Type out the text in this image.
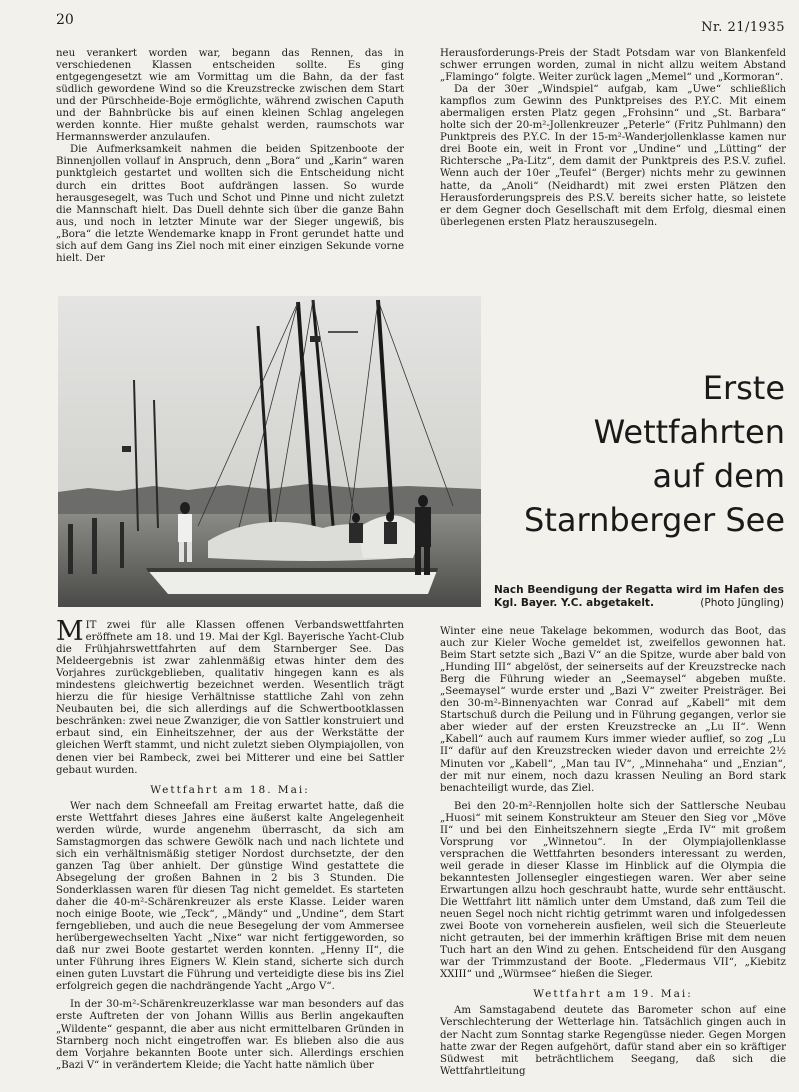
20	Nr. 21/1935

neu verankert worden war, begann das Rennen, das in verschiedenen Klassen entscheiden sollte. Es ging entgegengesetzt wie am Vormittag um die Bahn, da der fast südlich gewordene Wind so die Kreuzstrecke zwischen dem Start und der Pürschheide-Boje ermöglichte, während zwischen Caputh und der Bahnbrücke bis auf einen kleinen Schlag angelegen werden konnte. Hier mußte gehalst werden, raumschots war Hermannswerder anzulaufen.

Die Aufmerksamkeit nahmen die beiden Spitzenboote der Binnenjollen vollauf in Anspruch, denn „Bora“ und „Karin“ waren punktgleich gestartet und wollten sich die Entscheidung nicht durch ein drittes Boot aufdrängen lassen. So wurde herausgesegelt, was Tuch und Schot und Pinne und nicht zuletzt die Mannschaft hielt. Das Duell dehnte sich über die ganze Bahn aus, und noch in letzter Minute war der Sieger ungewiß, bis „Bora“ die letzte Wendemarke knapp in Front gerundet hatte und sich auf dem Gang ins Ziel noch mit einer einzigen Sekunde vorne hielt. Der

Herausforderungs-Preis der Stadt Potsdam war von Blankenfeld schwer errungen worden, zumal in nicht allzu weitem Abstand „Flamingo“ folgte. Weiter zurück lagen „Memel“ und „Kormoran“.

Da der 30er „Windspiel“ aufgab, kam „Uwe“ schließlich kampflos zum Gewinn des Punktpreises des P.Y.C. Mit einem abermaligen ersten Platz gegen „Frohsinn“ und „St. Barbara“ holte sich der 20-m²-Jollenkreuzer „Peterle“ (Fritz Puhlmann) den Punktpreis des P.Y.C. In der 15-m²-Wanderjollenklasse kamen nur drei Boote ein, weit in Front vor „Undine“ und „Lütting“ der Richtersche „Pa-Litz“, dem damit der Punktpreis des P.S.V. zufiel. Wenn auch der 10er „Teufel“ (Berger) nichts mehr zu gewinnen hatte, da „Anoli“ (Neidhardt) mit zwei ersten Plätzen den Herausforderungspreis des P.S.V. bereits sicher hatte, so leistete er dem Gegner doch Gesellschaft mit dem Erfolg, diesmal einen überlegenen ersten Platz herauszusegeln.

Erste Wettfahrten
auf dem
Starnberger See
Nach Beendigung der Regatta wird im Hafen des Kgl. Bayer. Y.C. abgetakelt.	(Photo Jüngling)

MIT zwei für alle Klassen offenen Verbandswettfahrten eröffnete am 18. und 19. Mai der Kgl. Bayerische Yacht-Club die Frühjahrswettfahrten auf dem Starnberger See. Das Meldeergebnis ist zwar zahlenmäßig etwas hinter dem des Vorjahres zurückgeblieben, qualitativ hingegen kann es als mindestens gleichwertig bezeichnet werden. Wesentlich trägt hierzu die für hiesige Verhältnisse stattliche Zahl von zehn Neubauten bei, die sich allerdings auf die Schwertbootklassen beschränken: zwei neue Zwanziger, die von Sattler konstruiert und erbaut sind, ein Einheitszehner, der aus der Werkstätte der gleichen Werft stammt, und nicht zuletzt sieben Olympiajollen, von denen vier bei Rambeck, zwei bei Mitterer und eine bei Sattler gebaut wurden.

Wettfahrt am 18. Mai:

Wer nach dem Schneefall am Freitag erwartet hatte, daß die erste Wettfahrt dieses Jahres eine äußerst kalte Angelegenheit werden würde, wurde angenehm überrascht, da sich am Samstagmorgen das schwere Gewölk nach und nach lichtete und sich ein verhältnismäßig stetiger Nordost durchsetzte, der den ganzen Tag über anhielt. Der günstige Wind gestattete die Absegelung der großen Bahnen in 2 bis 3 Stunden. Die Sonderklassen waren für diesen Tag nicht gemeldet. Es starteten daher die 40-m²-Schärenkreuzer als erste Klasse. Leider waren noch einige Boote, wie „Teck“, „Mändy“ und „Undine“, dem Start ferngeblieben, und auch die neue Besegelung der vom Ammersee herübergewechselten Yacht „Nixe“ war nicht fertiggeworden, so daß nur zwei Boote gestartet werden konnten. „Henny II“, die unter Führung ihres Eigners W. Klein stand, sicherte sich durch einen guten Luvstart die Führung und verteidigte diese bis ins Ziel erfolgreich gegen die nachdrängende Yacht „Argo V“.

In der 30-m²-Schärenkreuzerklasse war man besonders auf das erste Auftreten der von Johann Willis aus Berlin angekauften „Wildente“ gespannt, die aber aus nicht ermittelbaren Gründen in Starnberg noch nicht eingetroffen war. Es blieben also die aus dem Vorjahre bekannten Boote unter sich. Allerdings erschien „Bazi V“ in verändertem Kleide; die Yacht hatte nämlich über

Winter eine neue Takelage bekommen, wodurch das Boot, das auch zur Kieler Woche gemeldet ist, zweifellos gewonnen hat. Beim Start setzte sich „Bazi V“ an die Spitze, wurde aber bald von „Hunding III“ abgelöst, der seinerseits auf der Kreuzstrecke nach Berg die Führung wieder an „Seemaysel“ abgeben mußte. „Seemaysel“ wurde erster und „Bazi V“ zweiter Preisträger. Bei den 30-m²-Binnenyachten war Conrad auf „Kabell“ mit dem Startschuß durch die Peilung und in Führung gegangen, verlor sie aber wieder auf der ersten Kreuzstrecke an „Lu II“. Wenn „Kabell“ auch auf raumem Kurs immer wieder auflief, so zog „Lu II“ dafür auf den Kreuzstrecken wieder davon und erreichte 2½ Minuten vor „Kabell“, „Man tau IV“, „Minnehaha“ und „Enzian“, der mit nur einem, noch dazu krassen Neuling an Bord stark benachteiligt wurde, das Ziel.

Bei den 20-m²-Rennjollen holte sich der Sattlersche Neubau „Huosi“ mit seinem Konstrukteur am Steuer den Sieg vor „Möve II“ und bei den Einheitszehnern siegte „Erda IV“ mit großem Vorsprung vor „Winnetou“. In der Olympiajollenklasse versprachen die Wettfahrten besonders interessant zu werden, weil gerade in dieser Klasse im Hinblick auf die Olympia die bekanntesten Jollensegler eingestiegen waren. Wer aber seine Erwartungen allzu hoch geschraubt hatte, wurde sehr enttäuscht. Die Wettfahrt litt nämlich unter dem Umstand, daß zum Teil die neuen Segel noch nicht richtig getrimmt waren und infolgedessen zwei Boote von vorneherein ausfielen, weil sich die Steuerleute nicht getrauten, bei der immerhin kräftigen Brise mit dem neuen Tuch hart an den Wind zu gehen. Entscheidend für den Ausgang war der Trimmzustand der Boote. „Fledermaus VII“, „Kiebitz XXIII“ und „Würmsee“ hießen die Sieger.

Wettfahrt am 19. Mai:

Am Samstagabend deutete das Barometer schon auf eine Verschlechterung der Wetterlage hin. Tatsächlich gingen auch in der Nacht zum Sonntag starke Regengüsse nieder. Gegen Morgen hatte zwar der Regen aufgehört, dafür stand aber ein so kräftiger Südwest mit beträchtlichem Seegang, daß sich die Wettfahrtleitung
